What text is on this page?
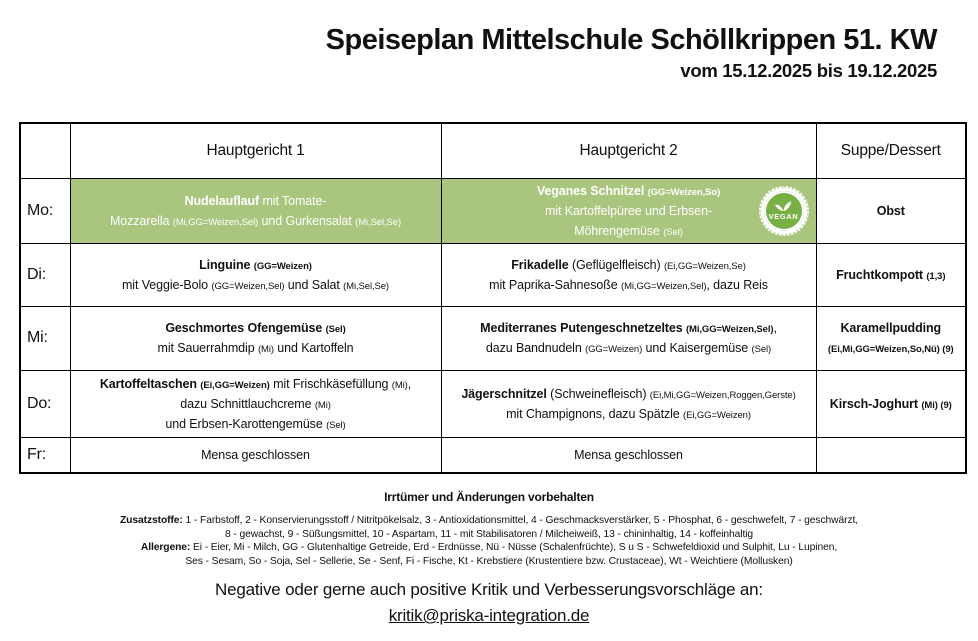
Speiseplan Mittelschule Schöllkrippen 51. KW
vom 15.12.2025 bis 19.12.2025
	Hauptgericht 1	Hauptgericht 2	Suppe/Dessert
Mo:	Nudelauflauf mit Tomate-
Mozzarella (Mi,GG=Weizen,Sel) und Gurkensalat (Mi,Sel,Se)	Veganes Schnitzel (GG=Weizen,So)
mit Kartoffelpüree und Erbsen-
Möhrengemüse (Sel)
VEGAN	Obst
Di:	Linguine (GG=Weizen)
mit Veggie-Bolo (GG=Weizen,Sel) und Salat (Mi,Sel,Se)	Frikadelle (Geflügelfleisch) (Ei,GG=Weizen,Se)
mit Paprika-Sahnesoße (Mi,GG=Weizen,Sel), dazu Reis	Fruchtkompott (1,3)
Mi:	Geschmortes Ofengemüse (Sel)
mit Sauerrahmdip (Mi) und Kartoffeln	Mediterranes Putengeschnetzeltes (Mi,GG=Weizen,Sel),
dazu Bandnudeln (GG=Weizen) und Kaisergemüse (Sel)	Karamellpudding
(Ei,Mi,GG=Weizen,So,Nü) (9)
Do:	Kartoffeltaschen (Ei,GG=Weizen) mit Frischkäsefüllung (Mi),
dazu Schnittlauchcreme (Mi)
und Erbsen-Karottengemüse (Sel)	Jägerschnitzel (Schweinefleisch) (Ei,Mi,GG=Weizen,Roggen,Gerste)
mit Champignons, dazu Spätzle (Ei,GG=Weizen)	Kirsch-Joghurt (Mi) (9)
Fr:	Mensa geschlossen	Mensa geschlossen	
Irrtümer und Änderungen vorbehalten
Zusatzstoffe: 1 - Farbstoff, 2 - Konservierungsstoff / Nitritpökelsalz, 3 - Antioxidationsmittel, 4 - Geschmacksverstärker, 5 - Phosphat, 6 - geschwefelt, 7 - geschwärzt,
8 - gewachst, 9 - Süßungsmittel, 10 - Aspartam, 11 - mit Stabilisatoren / Milcheiweiß, 13 - chininhaltig, 14 - koffeinhaltig
Allergene: Ei - Eier, Mi - Milch, GG - Glutenhaltige Getreide, Erd - Erdnüsse, Nü - Nüsse (Schalenfrüchte), S u S - Schwefeldioxid und Sulphit, Lu - Lupinen,
Ses - Sesam, So - Soja, Sel - Sellerie, Se - Senf, Fi - Fische, Kt - Krebstiere (Krustentiere bzw. Crustaceae), Wt - Weichtiere (Mollusken)
Negative oder gerne auch positive Kritik und Verbesserungsvorschläge an:
kritik@priska-integration.de
